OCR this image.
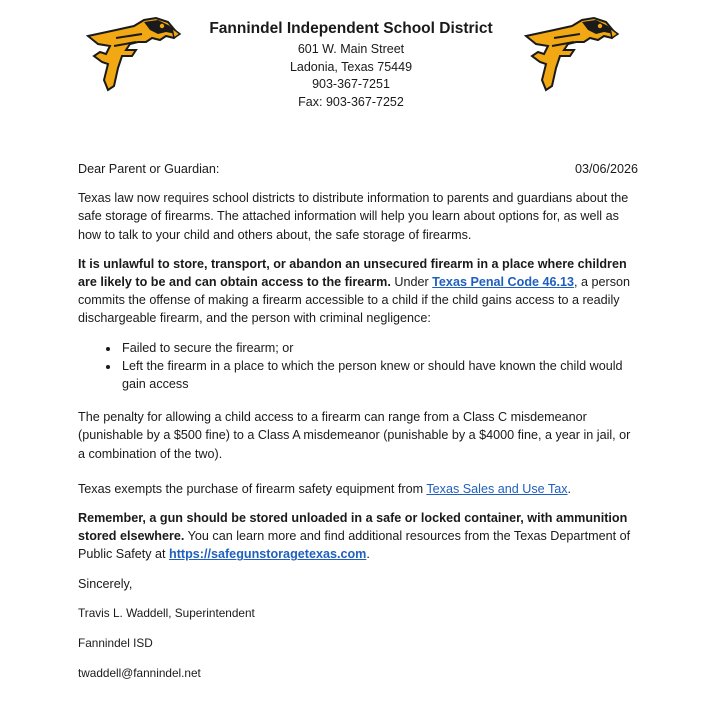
Fannindel Independent School District
601 W. Main Street
Ladonia, Texas 75449
903-367-7251
Fax: 903-367-7252
Dear Parent or Guardian:	03/06/2026

Texas law now requires school districts to distribute information to parents and guardians about the safe storage of firearms. The attached information will help you learn about options for, as well as how to talk to your child and others about, the safe storage of firearms.

It is unlawful to store, transport, or abandon an unsecured firearm in a place where children are likely to be and can obtain access to the firearm. Under Texas Penal Code 46.13, a person commits the offense of making a firearm accessible to a child if the child gains access to a readily dischargeable firearm, and the person with criminal negligence:

• Failed to secure the firearm; or
• Left the firearm in a place to which the person knew or should have known the child would gain access

The penalty for allowing a child access to a firearm can range from a Class C misdemeanor (punishable by a $500 fine) to a Class A misdemeanor (punishable by a $4000 fine, a year in jail, or a combination of the two).

Texas exempts the purchase of firearm safety equipment from Texas Sales and Use Tax.

Remember, a gun should be stored unloaded in a safe or locked container, with ammunition stored elsewhere. You can learn more and find additional resources from the Texas Department of Public Safety at https://safegunstoragetexas.com.

Sincerely,

Travis L. Waddell, Superintendent

Fannindel ISD

twaddell@fannindel.net
